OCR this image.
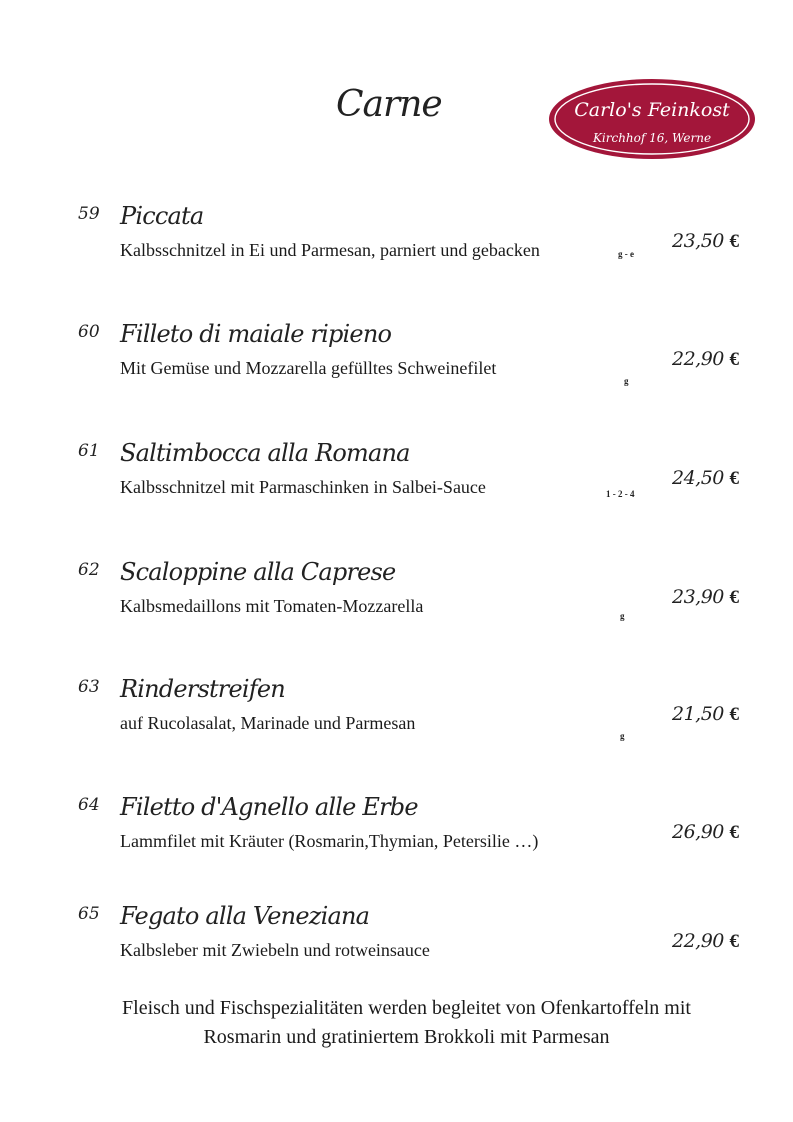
Carne	Carlo's Feinkost
Kirchhof 16, Werne
59 Piccata
Kalbsschnitzel in Ei und Parmesan, parniert und gebacken	g - e
23,50 €
60 Filleto di maiale ripieno
Mit Gemüse und Mozzarella gefülltes Schweinefilet
g
22,90 €
61 Saltimbocca alla Romana
Kalbsschnitzel mit Parmaschinken in Salbei-Sauce	1 - 2 - 4
24,50 €
62 Scaloppine alla Caprese
Kalbsmedaillons mit Tomaten-Mozzarella	g
23,90 €
63 Rinderstreifen
auf Rucolasalat, Marinade und Parmesan
g
21,50 €
64 Filetto d'Agnello alle Erbe
Lammfilet mit Kräuter (Rosmarin,Thymian, Petersilie …)	26,90 €
65 Fegato alla Veneziana
Kalbsleber mit Zwiebeln und rotweinsauce	22,90 €
Fleisch und Fischspezialitäten werden begleitet von Ofenkartoffeln mit
Rosmarin und gratiniertem Brokkoli mit Parmesan
